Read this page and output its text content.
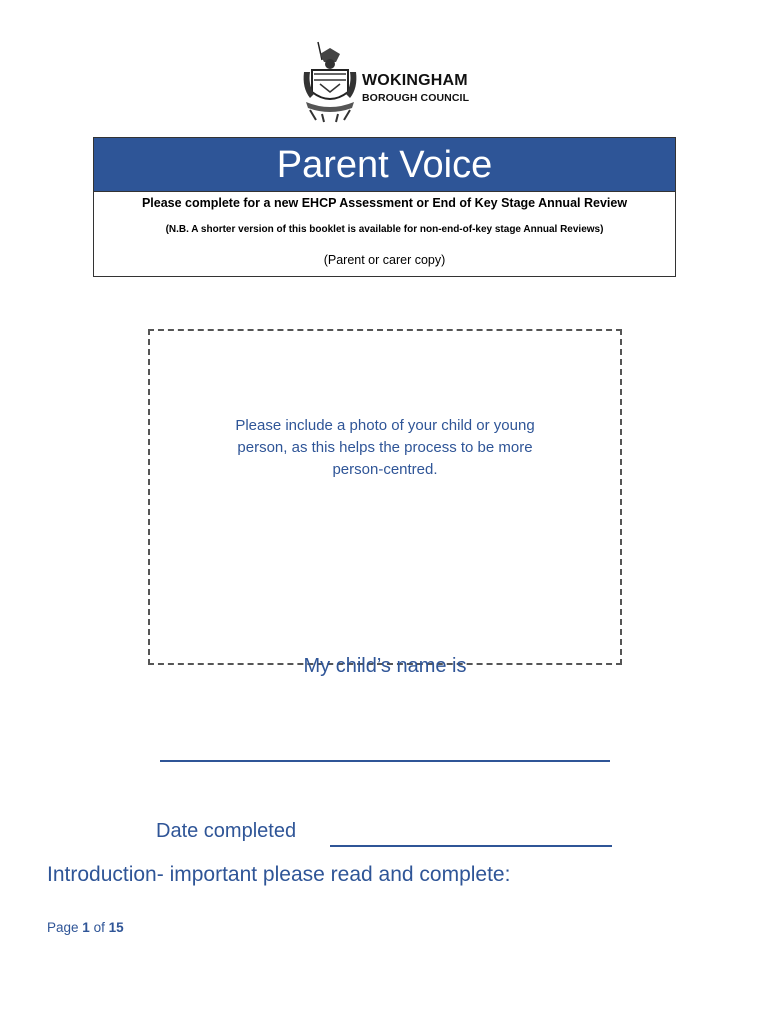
WOKINGHAM
BOROUGH COUNCIL
Parent Voice
Please complete for a new EHCP Assessment or End of Key Stage Annual Review
(N.B. A shorter version of this booklet is available for non-end-of-key stage Annual Reviews)
(Parent or carer copy)
Please include a photo of your child or young person, as this helps the process to be more person-centred.
My child’s name is
Date completed
Introduction- important please read and complete:
Page 1 of 15
